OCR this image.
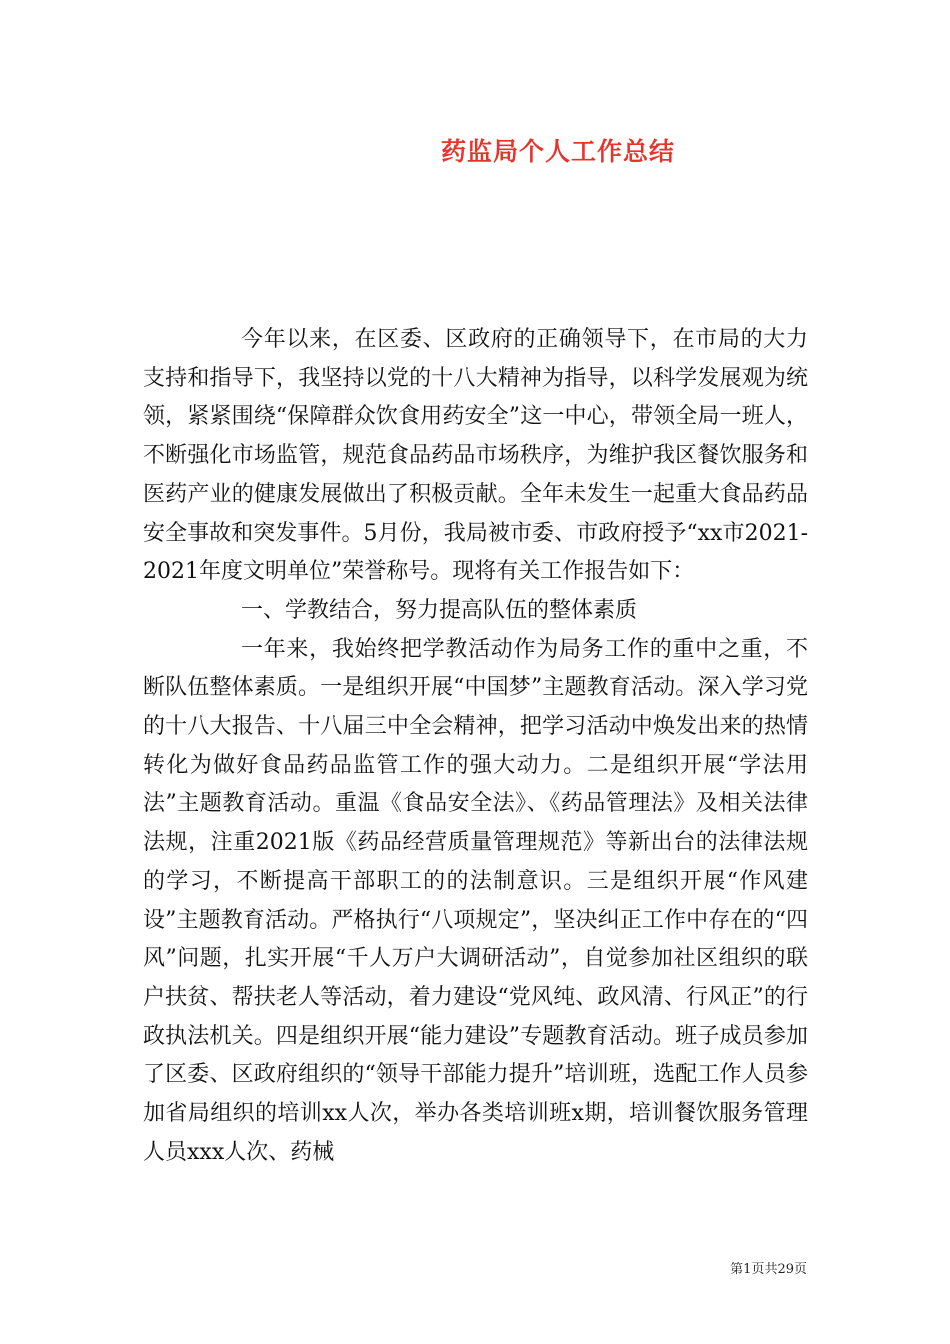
药监局个人工作总结

今年以来，在区委、区政府的正确领导下，在市局的大力支持和指导下，我坚持以党的十八大精神为指导，以科学发展观为统领，紧紧围绕“保障群众饮食用药安全”这一中心，带领全局一班人，不断强化市场监管，规范食品药品市场秩序，为维护我区餐饮服务和医药产业的健康发展做出了积极贡献。全年未发生一起重大食品药品安全事故和突发事件。5月份，我局被市委、市政府授予“xx市2021-2021年度文明单位”荣誉称号。现将有关工作报告如下：

一、学教结合，努力提高队伍的整体素质

一年来，我始终把学教活动作为局务工作的重中之重，不断队伍整体素质。一是组织开展“中国梦”主题教育活动。深入学习党的十八大报告、十八届三中全会精神，把学习活动中焕发出来的热情转化为做好食品药品监管工作的强大动力。二是组织开展“学法用法”主题教育活动。重温《食品安全法》、《药品管理法》及相关法律法规，注重2021版《药品经营质量管理规范》等新出台的法律法规的学习，不断提高干部职工的的法制意识。三是组织开展“作风建设”主题教育活动。严格执行“八项规定”，坚决纠正工作中存在的“四风”问题，扎实开展“千人万户大调研活动”，自觉参加社区组织的联户扶贫、帮扶老人等活动，着力建设“党风纯、政风清、行风正”的行政执法机关。四是组织开展“能力建设”专题教育活动。班子成员参加了区委、区政府组织的“领导干部能力提升”培训班，选配工作人员参加省局组织的培训xx人次，举办各类培训班x期，培训餐饮服务管理人员xxx人次、药械

第1页共29页
